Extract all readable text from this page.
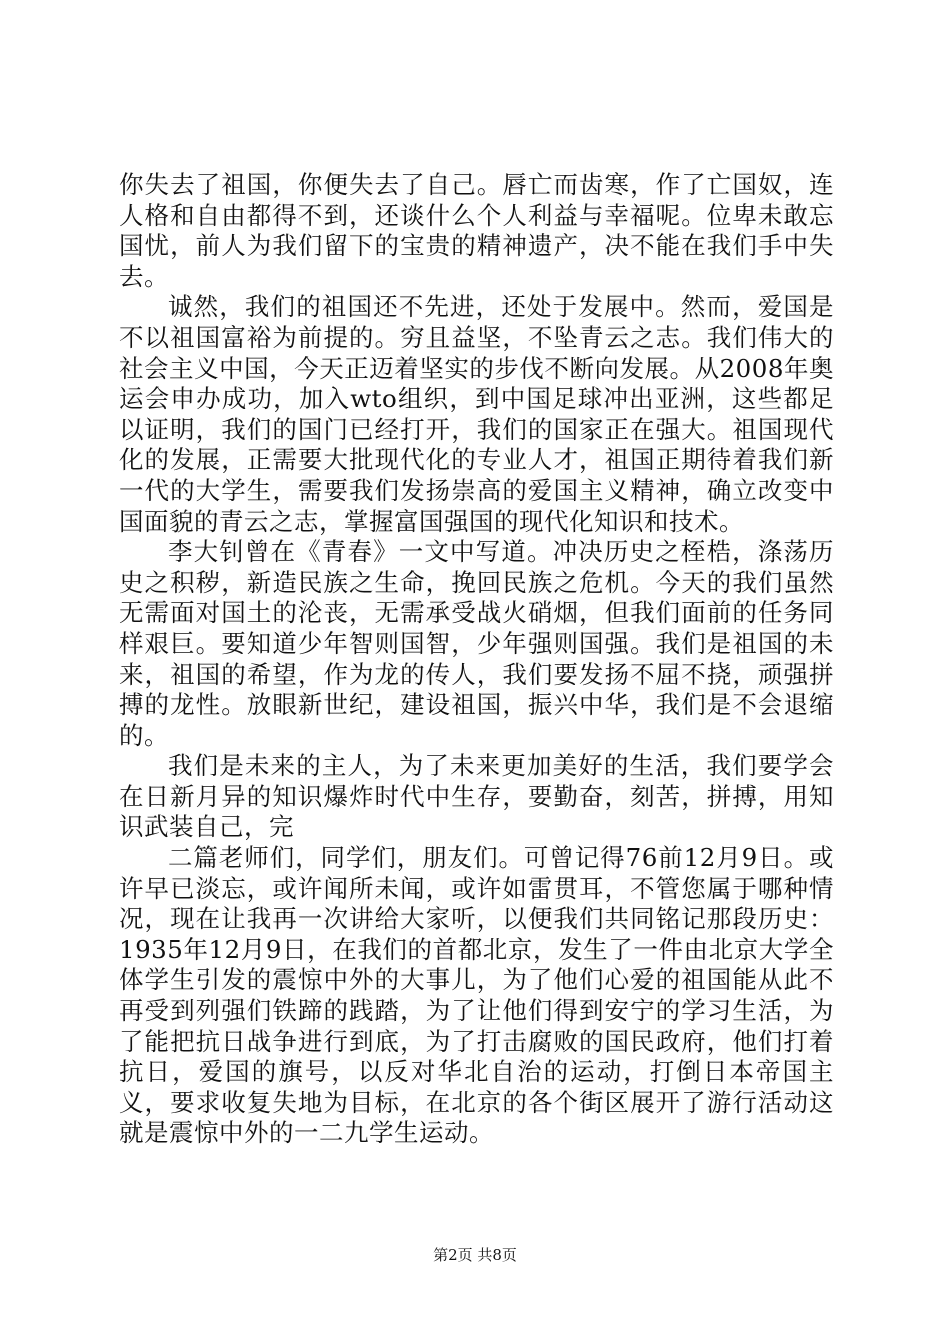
你失去了祖国，你便失去了自己。唇亡而齿寒，作了亡国奴，连人格和自由都得不到，还谈什么个人利益与幸福呢。位卑未敢忘国忧，前人为我们留下的宝贵的精神遗产，决不能在我们手中失去。

诚然，我们的祖国还不先进，还处于发展中。然而，爱国是不以祖国富裕为前提的。穷且益坚，不坠青云之志。我们伟大的社会主义中国，今天正迈着坚实的步伐不断向发展。从2008年奥运会申办成功，加入wto组织，到中国足球冲出亚洲，这些都足以证明，我们的国门已经打开，我们的国家正在强大。祖国现代化的发展，正需要大批现代化的专业人才，祖国正期待着我们新一代的大学生，需要我们发扬崇高的爱国主义精神，确立改变中国面貌的青云之志，掌握富国强国的现代化知识和技术。

李大钊曾在《青春》一文中写道。冲决历史之桎梏，涤荡历史之积秽，新造民族之生命，挽回民族之危机。今天的我们虽然无需面对国土的沦丧，无需承受战火硝烟，但我们面前的任务同样艰巨。要知道少年智则国智，少年强则国强。我们是祖国的未来，祖国的希望，作为龙的传人，我们要发扬不屈不挠，顽强拼搏的龙性。放眼新世纪，建设祖国，振兴中华，我们是不会退缩的。

我们是未来的主人，为了未来更加美好的生活，我们要学会在日新月异的知识爆炸时代中生存，要勤奋，刻苦，拼搏，用知识武装自己，完

二篇老师们，同学们，朋友们。可曾记得76前12月9日。或许早已淡忘，或许闻所未闻，或许如雷贯耳，不管您属于哪种情况，现在让我再一次讲给大家听，以便我们共同铭记那段历史：1935年12月9日，在我们的首都北京，发生了一件由北京大学全体学生引发的震惊中外的大事儿，为了他们心爱的祖国能从此不再受到列强们铁蹄的践踏，为了让他们得到安宁的学习生活，为了能把抗日战争进行到底，为了打击腐败的国民政府，他们打着抗日，爱国的旗号，以反对华北自治的运动，打倒日本帝国主义，要求收复失地为目标，在北京的各个街区展开了游行活动这就是震惊中外的一二九学生运动。

第2页 共8页
